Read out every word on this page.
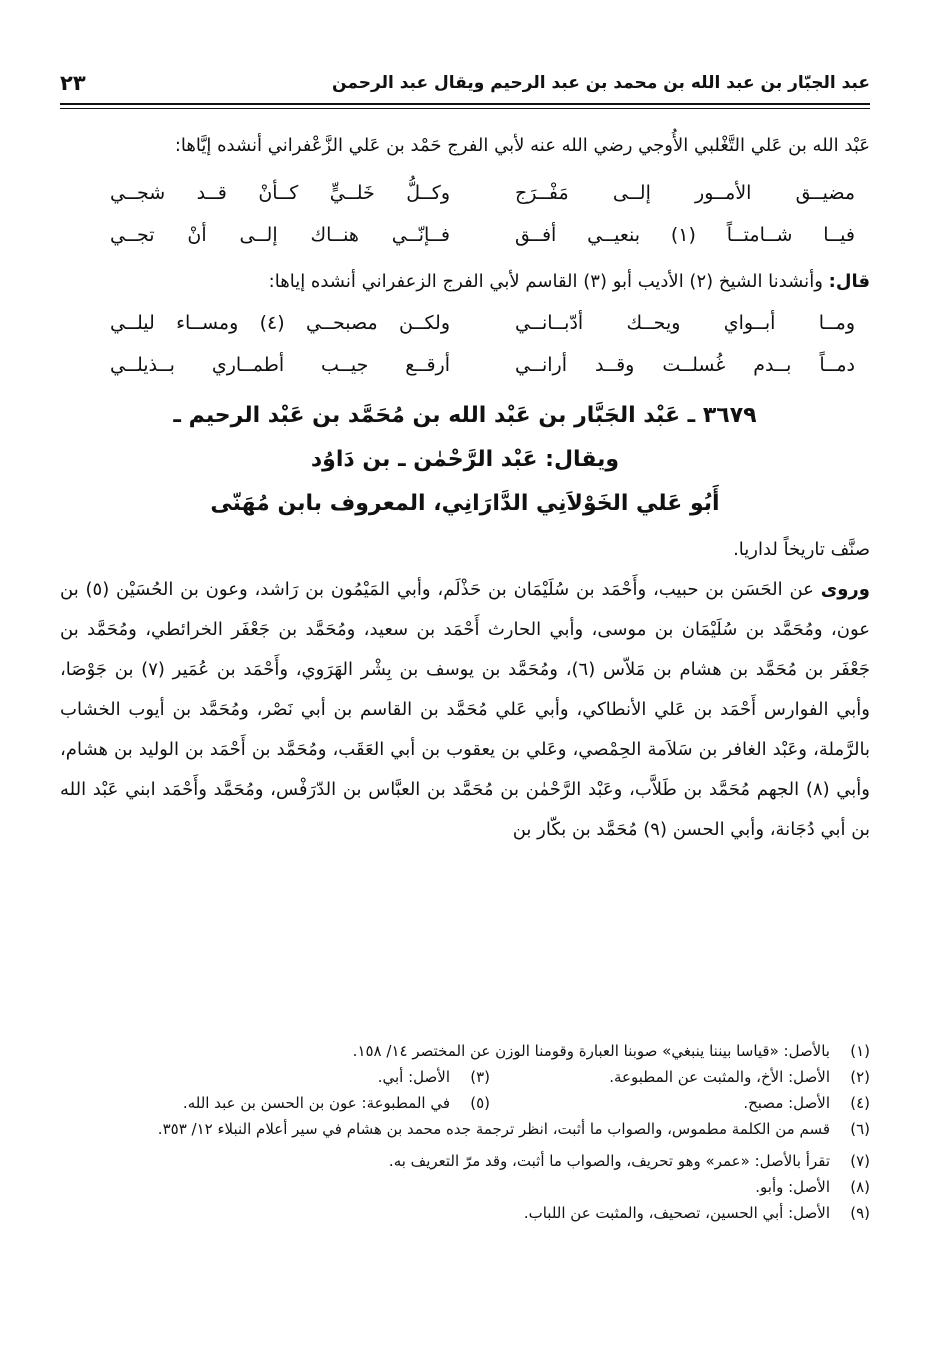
عبد الجبّار بن عبد الله بن محمد بن عبد الرحيم ويقال عبد الرحمن
٢٣

عَبْد الله بن عَلي التَّغْلبي الأُوجي رضي الله عنه لأبي الفرج حَمْد بن عَلي الزَّعْفراني أنشده إيَّاها:

مضيــق الأمــور إلــى مَفْــرَج
وكــلُّ خَلــيٍّ كــأنْ قــد شجــي
فيــا شــامتــاً (١) بنعيــي أفــق
فــإنّــي هنــاك إلــى أنْ تجــي

قال: وأنشدنا الشيخ (٢) الأديب أبو (٣) القاسم لأبي الفرج الزعفراني أنشده إياها:

ومــا أبــواي ويحــك أدّبــانــي
ولكــن مصبحــي (٤) ومســاء ليلــي
دمــاً بــدم غُسلــت وقــد أرانــي
أرقــع جيــب أطمــاري بــذيلــي
٣٦٧٩ ـ عَبْد الجَبَّار بن عَبْد الله بن مُحَمَّد بن عَبْد الرحيم ـ
ويقال: عَبْد الرَّحْمٰن ـ بن دَاوُد
أَبُو عَلي الخَوْلاَنِي الدَّارَانِي، المعروف بابن مُهَنّى

صنَّف تاريخاً لداريا.

وروى عن الحَسَن بن حبيب، وأَحْمَد بن سُلَيْمَان بن حَذْلَم، وأبي المَيْمُون بن رَاشد، وعون بن الحُسَيْن (٥) بن عون، ومُحَمَّد بن سُلَيْمَان بن موسى، وأبي الحارث أَحْمَد بن سعيد، ومُحَمَّد بن جَعْفَر الخرائطي، ومُحَمَّد بن جَعْفَر بن مُحَمَّد بن هشام بن مَلاّس (٦)، ومُحَمَّد بن يوسف بن بِشْر الهَرَوي، وأَحْمَد بن عُمَير (٧) بن جَوْصَا، وأبي الفوارس أَحْمَد بن عَلي الأنطاكي، وأبي عَلي مُحَمَّد بن القاسم بن أبي نَصْر، ومُحَمَّد بن أيوب الخشاب بالرَّملة، وعَبْد الغافر بن سَلاَمة الحِمْصي، وعَلي بن يعقوب بن أبي العَقَب، ومُحَمَّد بن أَحْمَد بن الوليد بن هشام، وأبي (٨) الجهم مُحَمَّد بن طَلاَّب، وعَبْد الرَّحْمٰن بن مُحَمَّد بن العبَّاس بن الدّرَفْس، ومُحَمَّد وأَحْمَد ابني عَبْد الله بن أبي دُجَانة، وأبي الحسن (٩) مُحَمَّد بن بكّار بن

(١)
بالأصل: «قياسا بيننا ينبغي» صوبنا العبارة وقومنا الوزن عن المختصر ١٤/ ١٥٨.
(٢)
الأصل: الأخ، والمثبت عن المطبوعة.
(٣)
الأصل: أبي.
(٤)
الأصل: مصبح.
(٥)
في المطبوعة: عون بن الحسن بن عبد الله.
(٦)
قسم من الكلمة مطموس، والصواب ما أثبت، انظر ترجمة جده محمد بن هشام في سير أعلام النبلاء ١٢/ ٣٥٣.
(٧)
تقرأ بالأصل: «عمر» وهو تحريف، والصواب ما أثبت، وقد مرّ التعريف به.
(٨)
الأصل: وأبو.
(٩)
الأصل: أبي الحسين، تصحيف، والمثبت عن اللباب.
